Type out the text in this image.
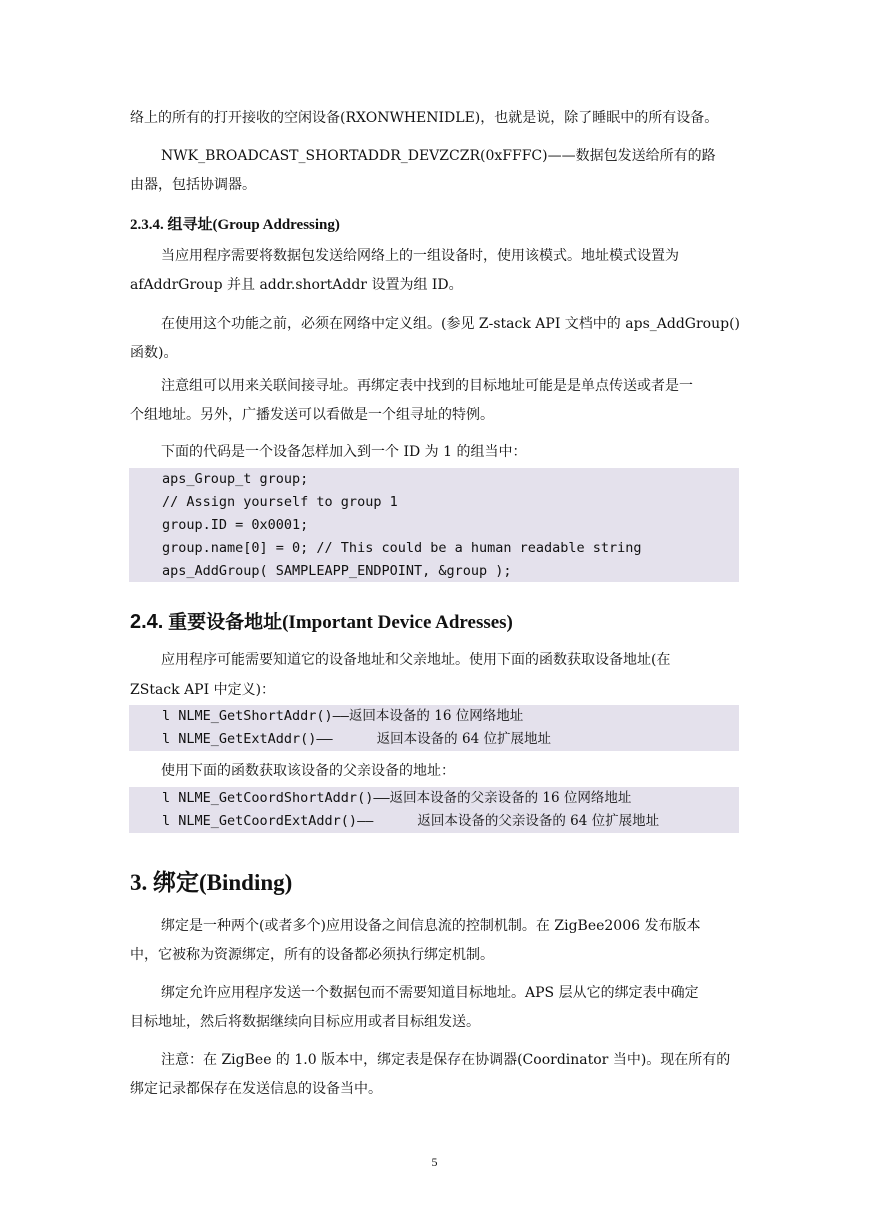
络上的所有的打开接收的空闲设备(RXONWHENIDLE)，也就是说，除了睡眠中的所有设备。
NWK_BROADCAST_SHORTADDR_DEVZCZR(0xFFFC)——数据包发送给所有的路
由器，包括协调器。
2.3.4. 组寻址(Group Addressing)
当应用程序需要将数据包发送给网络上的一组设备时，使用该模式。地址模式设置为
afAddrGroup 并且 addr.shortAddr 设置为组 ID。
在使用这个功能之前，必须在网络中定义组。(参见 Z-stack API 文档中的 aps_AddGroup()
函数)。
注意组可以用来关联间接寻址。再绑定表中找到的目标地址可能是是单点传送或者是一
个组地址。另外，广播发送可以看做是一个组寻址的特例。
下面的代码是一个设备怎样加入到一个 ID 为 1 的组当中：
aps_Group_t group;
// Assign yourself to group 1
group.ID = 0x0001;
group.name[0] = 0; // This could be a human readable string
aps_AddGroup( SAMPLEAPP_ENDPOINT, &group );
2.4. 重要设备地址(Important Device Adresses)
应用程序可能需要知道它的设备地址和父亲地址。使用下面的函数获取设备地址(在
ZStack API 中定义)：
l NLME_GetShortAddr()——返回本设备的 16 位网络地址
l NLME_GetExtAddr()——	返回本设备的 64 位扩展地址
使用下面的函数获取该设备的父亲设备的地址：
l NLME_GetCoordShortAddr()——返回本设备的父亲设备的 16 位网络地址
l NLME_GetCoordExtAddr()——	返回本设备的父亲设备的 64 位扩展地址
3. 绑定(Binding)
绑定是一种两个(或者多个)应用设备之间信息流的控制机制。在 ZigBee2006 发布版本
中，它被称为资源绑定，所有的设备都必须执行绑定机制。
绑定允许应用程序发送一个数据包而不需要知道目标地址。APS 层从它的绑定表中确定
目标地址，然后将数据继续向目标应用或者目标组发送。
注意：在 ZigBee 的 1.0 版本中，绑定表是保存在协调器(Coordinator 当中)。现在所有的
绑定记录都保存在发送信息的设备当中。
5
